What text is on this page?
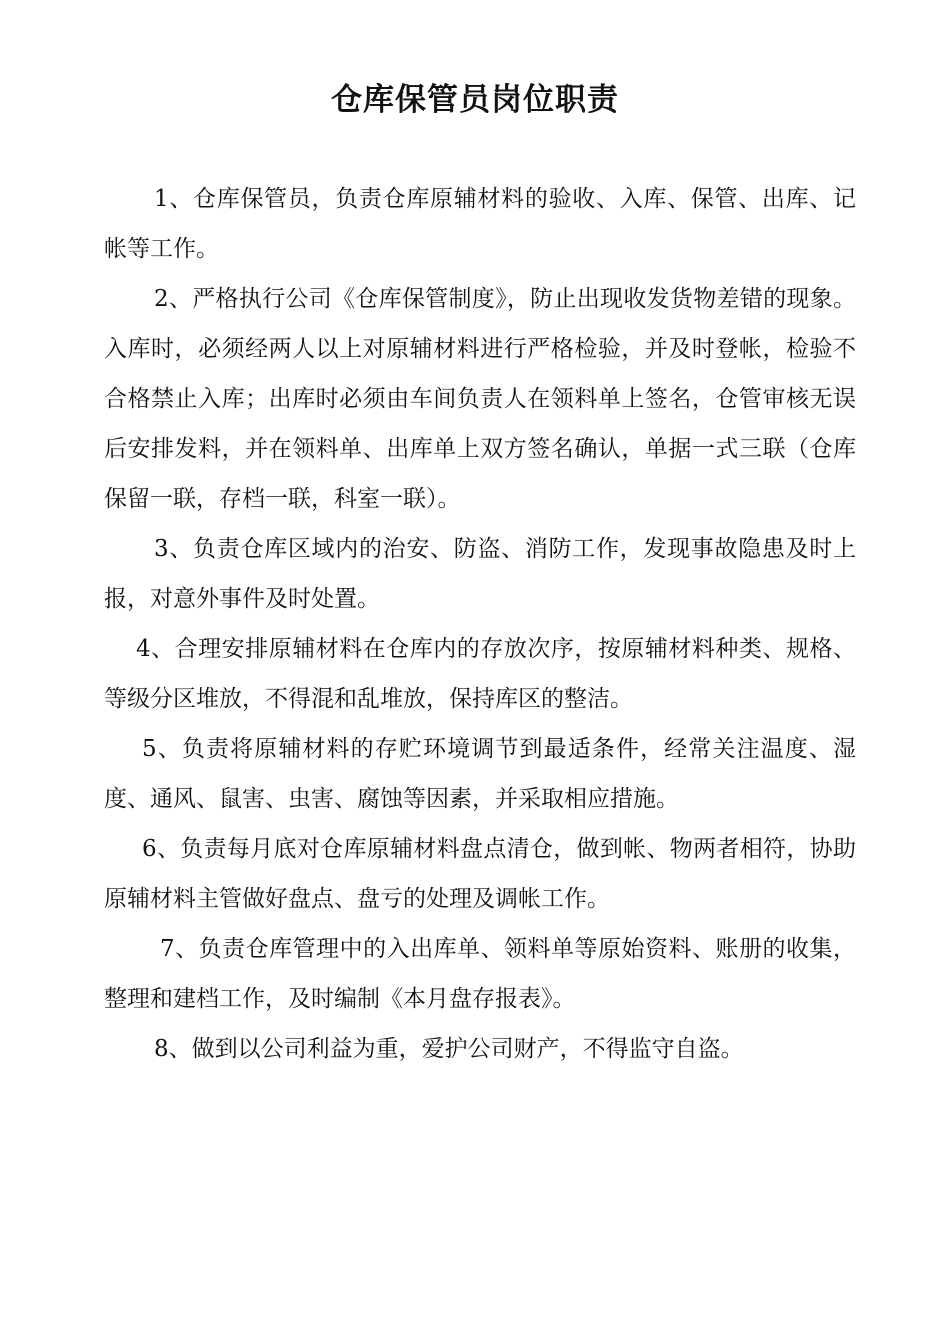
仓库保管员岗位职责

1、仓库保管员，负责仓库原辅材料的验收、入库、保管、出库、记帐等工作。

2、严格执行公司《仓库保管制度》，防止出现收发货物差错的现象。入库时，必须经两人以上对原辅材料进行严格检验，并及时登帐，检验不合格禁止入库；出库时必须由车间负责人在领料单上签名，仓管审核无误后安排发料，并在领料单、出库单上双方签名确认，单据一式三联（仓库保留一联，存档一联，科室一联）。

3、负责仓库区域内的治安、防盗、消防工作，发现事故隐患及时上报，对意外事件及时处置。

4、合理安排原辅材料在仓库内的存放次序，按原辅材料种类、规格、等级分区堆放，不得混和乱堆放，保持库区的整洁。

5、负责将原辅材料的存贮环境调节到最适条件，经常关注温度、湿度、通风、鼠害、虫害、腐蚀等因素，并采取相应措施。

6、负责每月底对仓库原辅材料盘点清仓，做到帐、物两者相符，协助原辅材料主管做好盘点、盘亏的处理及调帐工作。

7、负责仓库管理中的入出库单、领料单等原始资料、账册的收集，整理和建档工作，及时编制《本月盘存报表》。

8、做到以公司利益为重，爱护公司财产，不得监守自盗。
